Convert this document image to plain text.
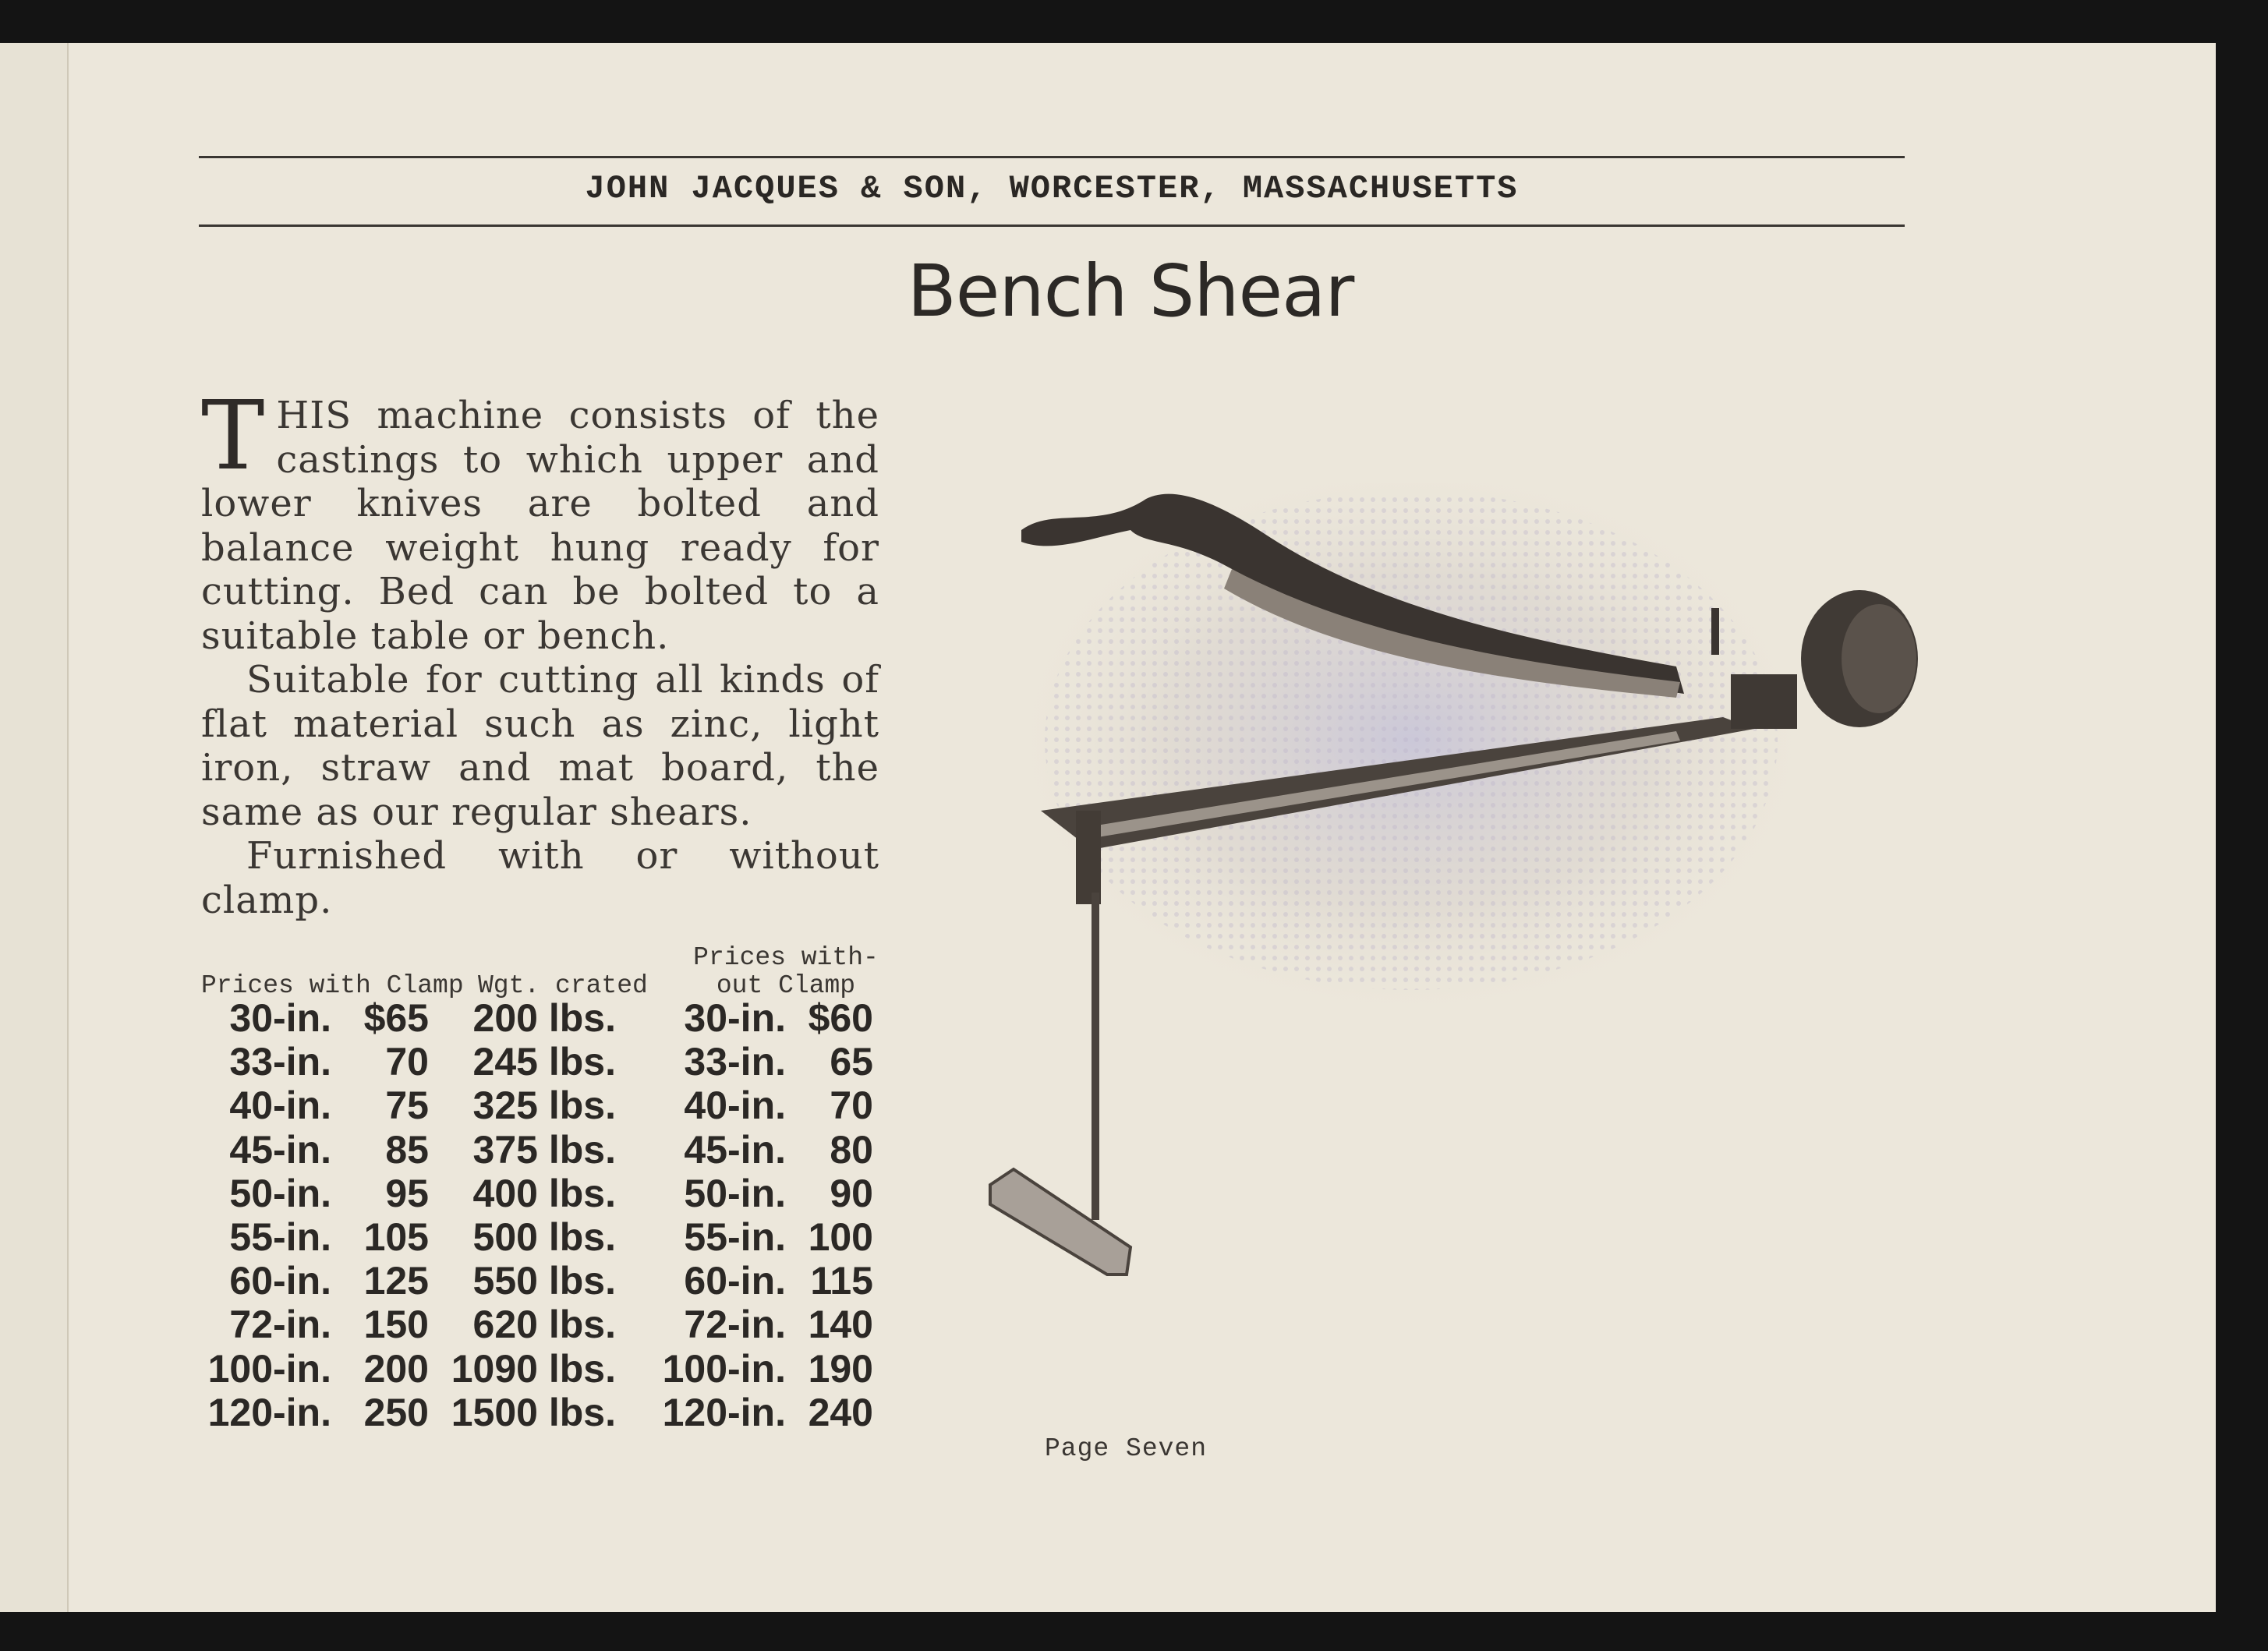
JOHN JACQUES & SON, WORCESTER, MASSACHUSETTS
Bench Shear

THIS machine consists of the castings to which upper and lower knives are bolted and balance weight hung ready for cutting. Bed can be bolted to a suitable table or bench.

Suitable for cutting all kinds of flat material such as zinc, light iron, straw and mat board, the same as our regular shears.

Furnished with or without clamp.

Prices with Clamp Wgt. crated
Prices with-
out Clamp
30-in.	$65	200 lbs.	30-in.	$60
33-in.	70	245 lbs.	33-in.	65
40-in.	75	325 lbs.	40-in.	70
45-in.	85	375 lbs.	45-in.	80
50-in.	95	400 lbs.	50-in.	90
55-in.	105	500 lbs.	55-in.	100
60-in.	125	550 lbs.	60-in.	115
72-in.	150	620 lbs.	72-in.	140
100-in.	200	1090 lbs.	100-in.	190
120-in.	250	1500 lbs.	120-in.	240
Page Seven
